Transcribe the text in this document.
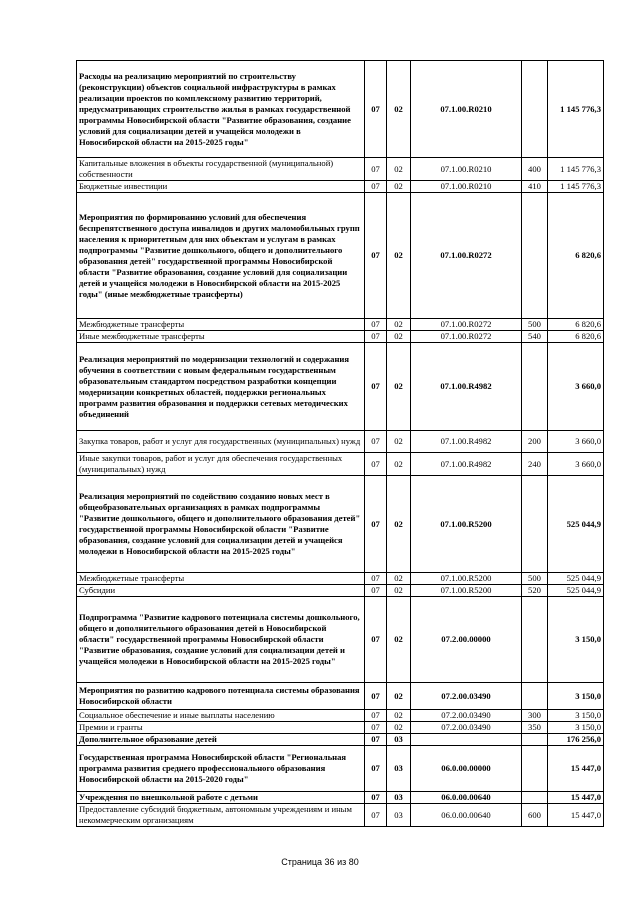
Расходы на реализацию мероприятий по строительству (реконструкции) объектов социальной инфраструктуры в рамках реализации проектов по комплексному развитию территорий, предусматривающих строительство жилья в рамках государственной программы Новосибирской области "Развитие образования, создание условий для социализации детей и учащейся молодежи в Новосибирской области на 2015-2025 годы"	07	02	07.1.00.R0210		1 145 776,3
Капитальные вложения в объекты государственной (муниципальной) собственности	07	02	07.1.00.R0210	400	1 145 776,3
Бюджетные инвестиции	07	02	07.1.00.R0210	410	1 145 776,3
Мероприятия по формированию условий для обеспечения беспрепятственного доступа инвалидов и других маломобильных групп населения к приоритетным для них объектам и услугам в рамках подпрограммы "Развитие дошкольного, общего и дополнительного образования детей" государственной программы Новосибирской области "Развитие образования, создание условий для социализации детей и учащейся молодежи в Новосибирской области на 2015-2025 годы" (иные межбюджетные трансферты)	07	02	07.1.00.R0272		6 820,6
Межбюджетные трансферты	07	02	07.1.00.R0272	500	6 820,6
Иные межбюджетные трансферты	07	02	07.1.00.R0272	540	6 820,6
Реализация мероприятий по модернизации технологий и содержания обучения в соответствии с новым федеральным государственным образовательным стандартом посредством разработки концепции модернизации конкретных областей, поддержки региональных программ развития образования и поддержки сетевых методических объединений	07	02	07.1.00.R4982		3 660,0
Закупка товаров, работ и услуг для государственных (муниципальных) нужд	07	02	07.1.00.R4982	200	3 660,0
Иные закупки товаров, работ и услуг для обеспечения государственных (муниципальных) нужд	07	02	07.1.00.R4982	240	3 660,0
Реализация мероприятий по содействию созданию новых мест в общеобразовательных организациях в рамках подпрограммы "Развитие дошкольного, общего и дополнительного образования детей" государственной программы Новосибирской области "Развитие образования, создание условий для социализации детей и учащейся молодежи в Новосибирской области на 2015-2025 годы"	07	02	07.1.00.R5200		525 044,9
Межбюджетные трансферты	07	02	07.1.00.R5200	500	525 044,9
Субсидии	07	02	07.1.00.R5200	520	525 044,9
Подпрограмма "Развитие кадрового потенциала системы дошкольного, общего и дополнительного образования детей в Новосибирской области" государственной программы Новосибирской области "Развитие образования, создание условий для социализации детей и учащейся молодежи в Новосибирской области на 2015-2025 годы"	07	02	07.2.00.00000		3 150,0
Мероприятия по развитию кадрового потенциала системы образования Новосибирской области	07	02	07.2.00.03490		3 150,0
Социальное обеспечение и иные выплаты населению	07	02	07.2.00.03490	300	3 150,0
Премии и гранты	07	02	07.2.00.03490	350	3 150,0
Дополнительное образование детей	07	03			176 256,0
Государственная программа Новосибирской области "Региональная программа развития среднего профессионального образования Новосибирской области на 2015-2020 годы"	07	03	06.0.00.00000		15 447,0
Учреждения по внешкольной работе с детьми	07	03	06.0.00.00640		15 447,0
Предоставление субсидий бюджетным, автономным учреждениям и иным некоммерческим организациям	07	03	06.0.00.00640	600	15 447,0
Страница 36 из 80
